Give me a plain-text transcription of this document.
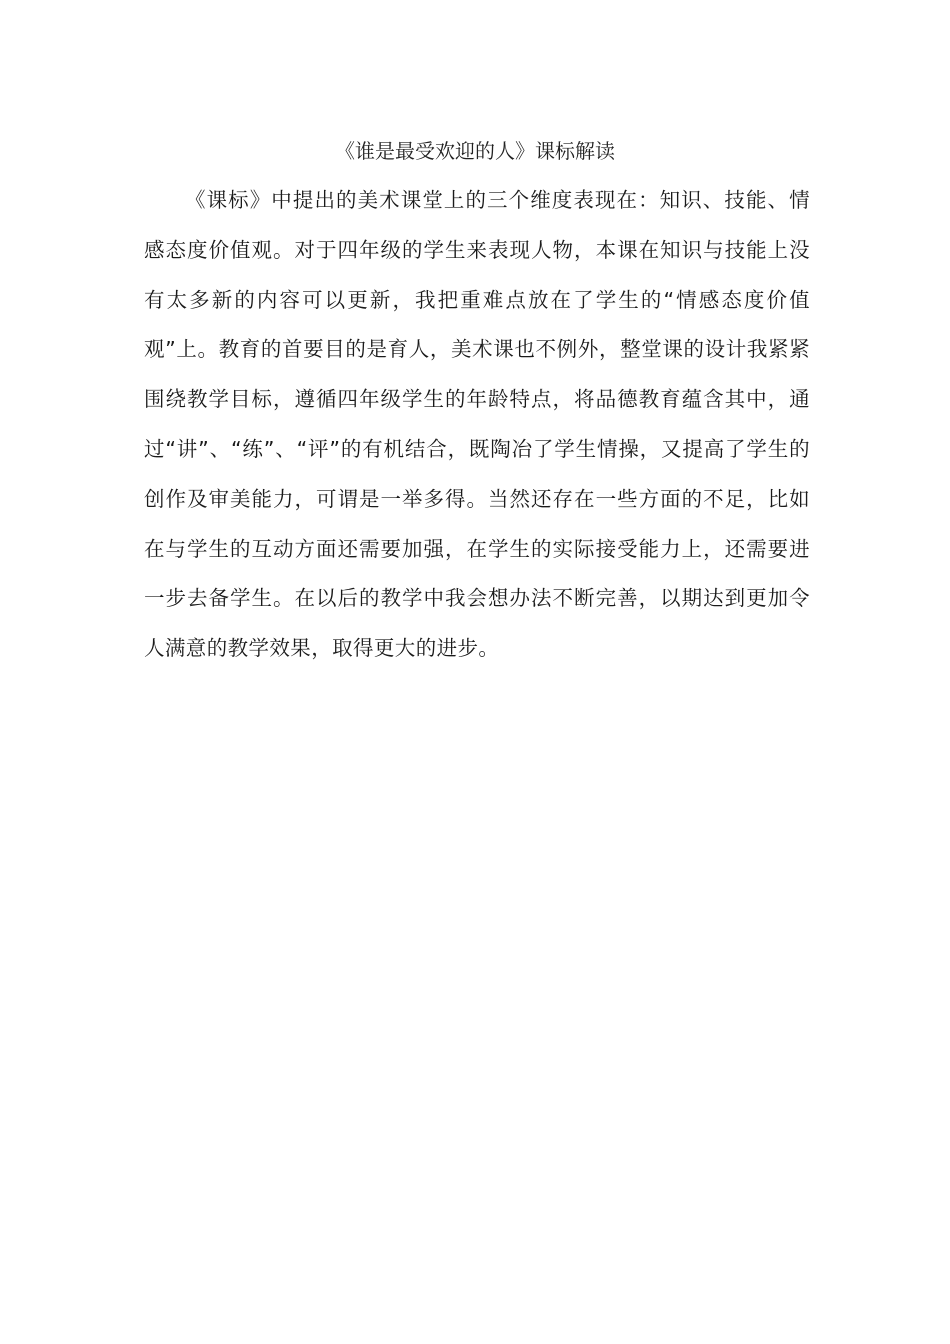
《谁是最受欢迎的人》课标解读

《课标》中提出的美术课堂上的三个维度表现在：知识、技能、情感态度价值观。对于四年级的学生来表现人物，本课在知识与技能上没有太多新的内容可以更新，我把重难点放在了学生的“情感态度价值观”上。教育的首要目的是育人，美术课也不例外，整堂课的设计我紧紧围绕教学目标，遵循四年级学生的年龄特点，将品德教育蕴含其中，通过“讲”、“练”、“评”的有机结合，既陶冶了学生情操，又提高了学生的创作及审美能力，可谓是一举多得。当然还存在一些方面的不足，比如在与学生的互动方面还需要加强，在学生的实际接受能力上，还需要进一步去备学生。在以后的教学中我会想办法不断完善，以期达到更加令人满意的教学效果，取得更大的进步。
